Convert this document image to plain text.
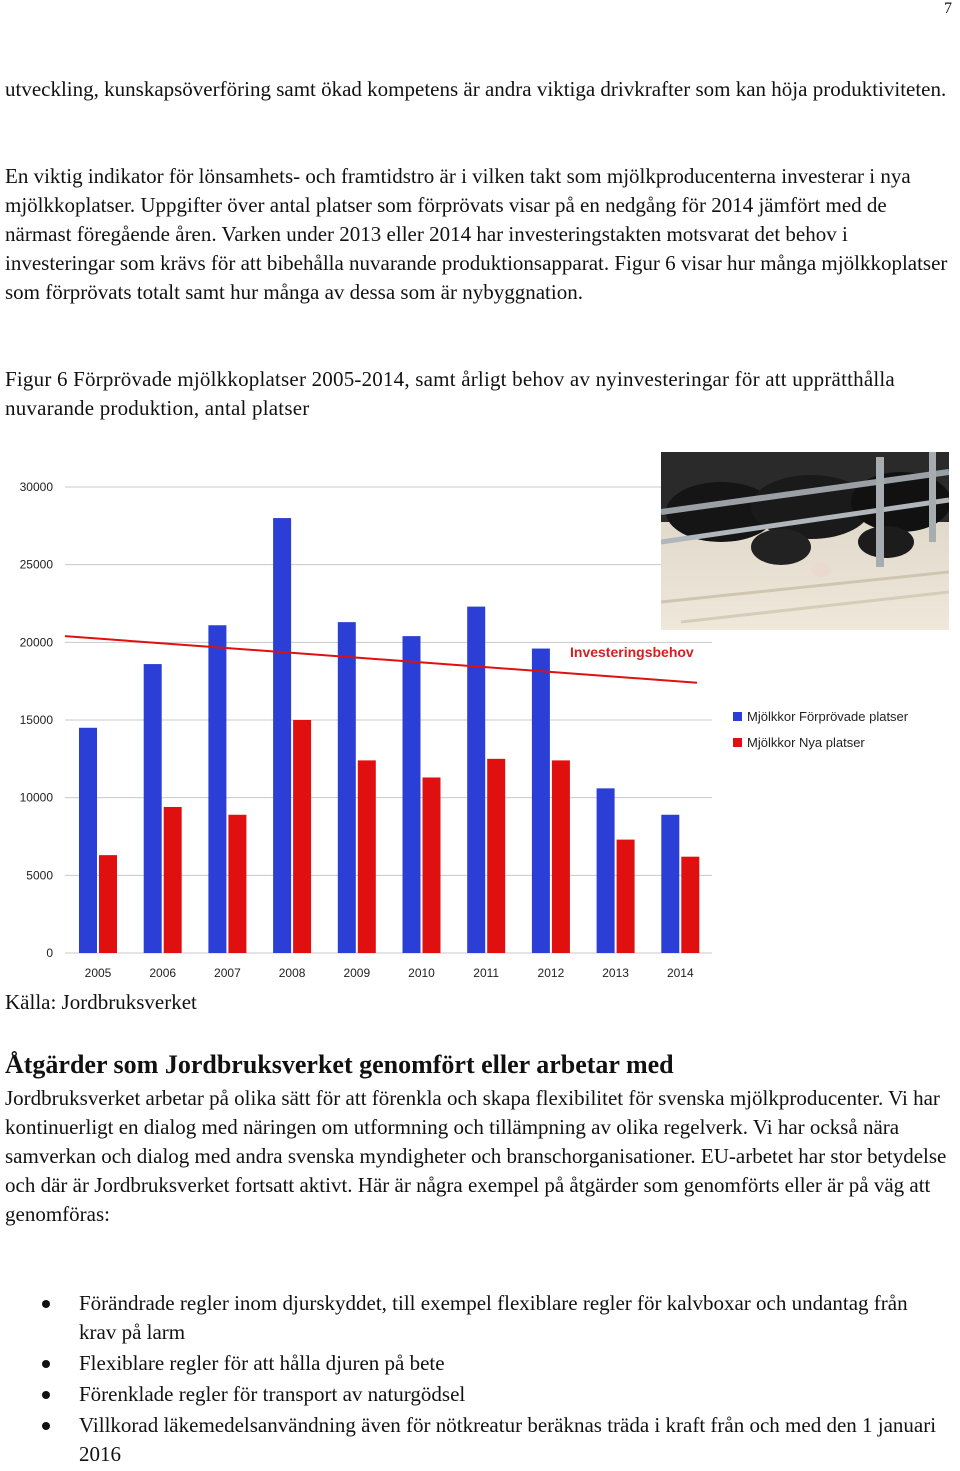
7

utveckling, kunskapsöverföring samt ökad kompetens är andra viktiga drivkrafter som kan höja produktiviteten.

En viktig indikator för lönsamhets- och framtidstro är i vilken takt som mjölkproducenterna investerar i nya mjölkkoplatser. Uppgifter över antal platser som förprövats visar på en nedgång för 2014 jämfört med de närmast föregående åren. Varken under 2013 eller 2014 har investeringstakten motsvarat det behov i investeringar som krävs för att bibehålla nuvarande produktionsapparat. Figur 6 visar hur många mjölkkoplatser som förprövats totalt samt hur många av dessa som är nybyggnation.

Figur 6 Förprövade mjölkkoplatser 2005-2014, samt årligt behov av nyinvesteringar för att upprätthålla nuvarande produktion, antal platser

0
5000
10000
15000
20000
25000
30000
2005	2006	2007	2008	2009	2010	2011	2012	2013	2014
Investeringsbehov
Mjölkkor Förprövade platser
Mjölkkor Nya platser
Källa: Jordbruksverket
Åtgärder som Jordbruksverket genomfört eller arbetar med

Jordbruksverket arbetar på olika sätt för att förenkla och skapa flexibilitet för svenska mjölkproducenter. Vi har kontinuerligt en dialog med näringen om utformning och tillämpning av olika regelverk. Vi har också nära samverkan och dialog med andra svenska myndigheter och branschorganisationer. EU-arbetet har stor betydelse och där är Jordbruksverket fortsatt aktivt. Här är några exempel på åtgärder som genomförts eller är på väg att genomföras:

Förändrade regler inom djurskyddet, till exempel flexiblare regler för kalvboxar och undantag från krav på larm
Flexiblare regler för att hålla djuren på bete
Förenklade regler för transport av naturgödsel
Villkorad läkemedelsanvändning även för nötkreatur beräknas träda i kraft från och med den 1 januari 2016
